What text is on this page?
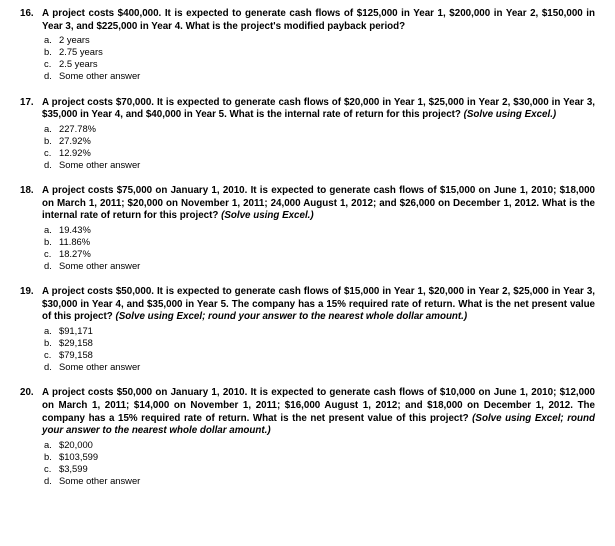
16. A project costs $400,000. It is expected to generate cash flows of $125,000 in Year 1, $200,000 in Year 2, $150,000 in Year 3, and $225,000 in Year 4. What is the project's modified payback period?
a. 2 years
b. 2.75 years
c. 2.5 years
d. Some other answer
17. A project costs $70,000. It is expected to generate cash flows of $20,000 in Year 1, $25,000 in Year 2, $30,000 in Year 3, $35,000 in Year 4, and $40,000 in Year 5. What is the internal rate of return for this project? (Solve using Excel.)
a. 227.78%
b. 27.92%
c. 12.92%
d. Some other answer
18. A project costs $75,000 on January 1, 2010. It is expected to generate cash flows of $15,000 on June 1, 2010; $18,000 on March 1, 2011; $20,000 on November 1, 2011; 24,000 August 1, 2012; and $26,000 on December 1, 2012. What is the internal rate of return for this project? (Solve using Excel.)
a. 19.43%
b. 11.86%
c. 18.27%
d. Some other answer
19. A project costs $50,000. It is expected to generate cash flows of $15,000 in Year 1, $20,000 in Year 2, $25,000 in Year 3, $30,000 in Year 4, and $35,000 in Year 5. The company has a 15% required rate of return. What is the net present value of this project? (Solve using Excel; round your answer to the nearest whole dollar amount.)
a. $91,171
b. $29,158
c. $79,158
d. Some other answer
20. A project costs $50,000 on January 1, 2010. It is expected to generate cash flows of $10,000 on June 1, 2010; $12,000 on March 1, 2011; $14,000 on November 1, 2011; $16,000 August 1, 2012; and $18,000 on December 1, 2012. The company has a 15% required rate of return. What is the net present value of this project? (Solve using Excel; round your answer to the nearest whole dollar amount.)
a. $20,000
b. $103,599
c. $3,599
d. Some other answer
